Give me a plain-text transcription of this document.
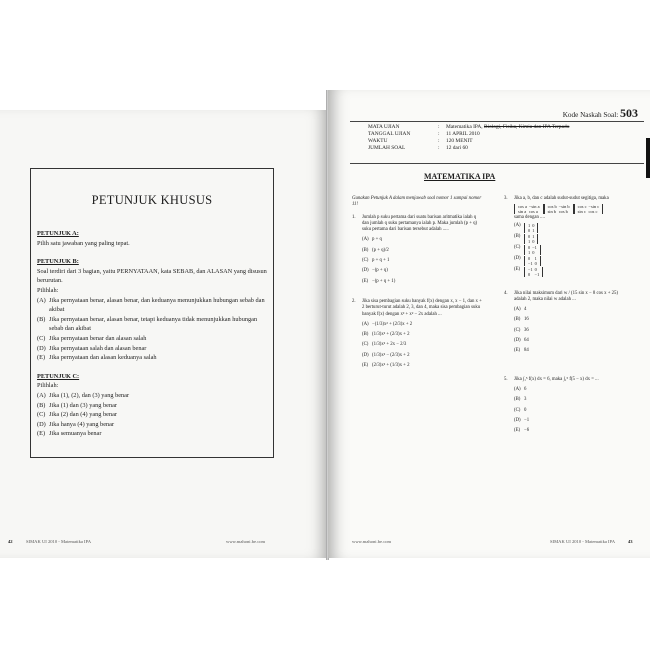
PETUNJUK KHUSUS
PETUNJUK A:
Pilih satu jawaban yang paling tepat.
PETUNJUK B:
Soal terdiri dari 3 bagian, yaitu PERNYATAAN, kata SEBAB, dan ALASAN yang disusun berurutan.
Pilihlah:
(A) Jika pernyataan benar, alasan benar, dan keduanya menunjukkan hubungan sebab dan akibat
(B) Jika pernyataan benar, alasan benar, tetapi keduanya tidak menunjukkan hubungan sebab dan akibat
(C) Jika pernyataan benar dan alasan salah
(D) Jika pernyataan salah dan alasan benar
(E) Jika pernyataan dan alasan keduanya salah
PETUNJUK C:
Pilihlah:
(A) Jika (1), (2), dan (3) yang benar
(B) Jika (1) dan (3) yang benar
(C) Jika (2) dan (4) yang benar
(D) Jika hanya (4) yang benar
(E) Jika semuanya benar
42	SIMAK UI 2010 - Matematika IPA	www.mahoni.be.com
Kode Naskah Soal: 503
MATA UJIAN	:	Matematika IPA, Biologi, Fisika, Kimia dan IPA Terpadu
TANGGAL UJIAN	:	11 APRIL 2010
WAKTU	:	120 MENIT
JUMLAH SOAL	:	12 dari 60
MATEMATIKA IPA
Gunakan Petunjuk A dalam menjawab soal nomor 1 sampai nomor 11!
1.	Jumlah p suku pertama dari suatu barisan aritmatika ialah q dan jumlah q suku pertamanya ialah p. Maka jumlah (p + q) suku pertama dari barisan tersebut adalah .....
(A) p + q
(B) (p + q)/2
(C) p + q + 1
(D) −(p + q)
(E) −(p + q + 1)
2.	Jika sisa pembagian suku banyak f(x) dengan x, x − 1, dan x + 2 berturut-turut adalah 2, 3, dan 4, maka sisa pembagian suku banyak f(x) dengan x³ + x² − 2x adalah ...
(A) −(1/3)x² + (2/3)x + 2
(B) (1/3)x² + (2/3)x + 2
(C) (1/3)x² + 2x − 2/3
(D) (1/3)x² − (2/3)x + 2
(E) (2/3)x² + (1/3)x + 2
3.	Jika a, b, dan c adalah sudut-sudut segitiga, maka
cos a	−sin a
sin a	cos a
cos b	−sin b
sin b	cos b
cos c	−sin c
sin c	cos c
sama dengan ....
(A)	1	0
0	1
(B)	0	1
1	0
(C)	0	−1
1	0
(D)	0	1
−1	0
(E)	−1	0
0	−1
4.	Jika nilai maksimum dari w / (15 sin x − 8 cos x + 25)
adalah 2, maka nilai w adalah ...
(A) 4
(B) 16
(C) 36
(D) 64
(E) 84
5.	Jika ∫₁⁵ f(x) dx = 6, maka ∫₁⁵ f(5 − x) dx = ...
(A) 6
(B) 3
(C) 0
(D) −1
(E) −6
www.mahoni.be.com	SIMAK UI 2010 - Matematika IPA	43
